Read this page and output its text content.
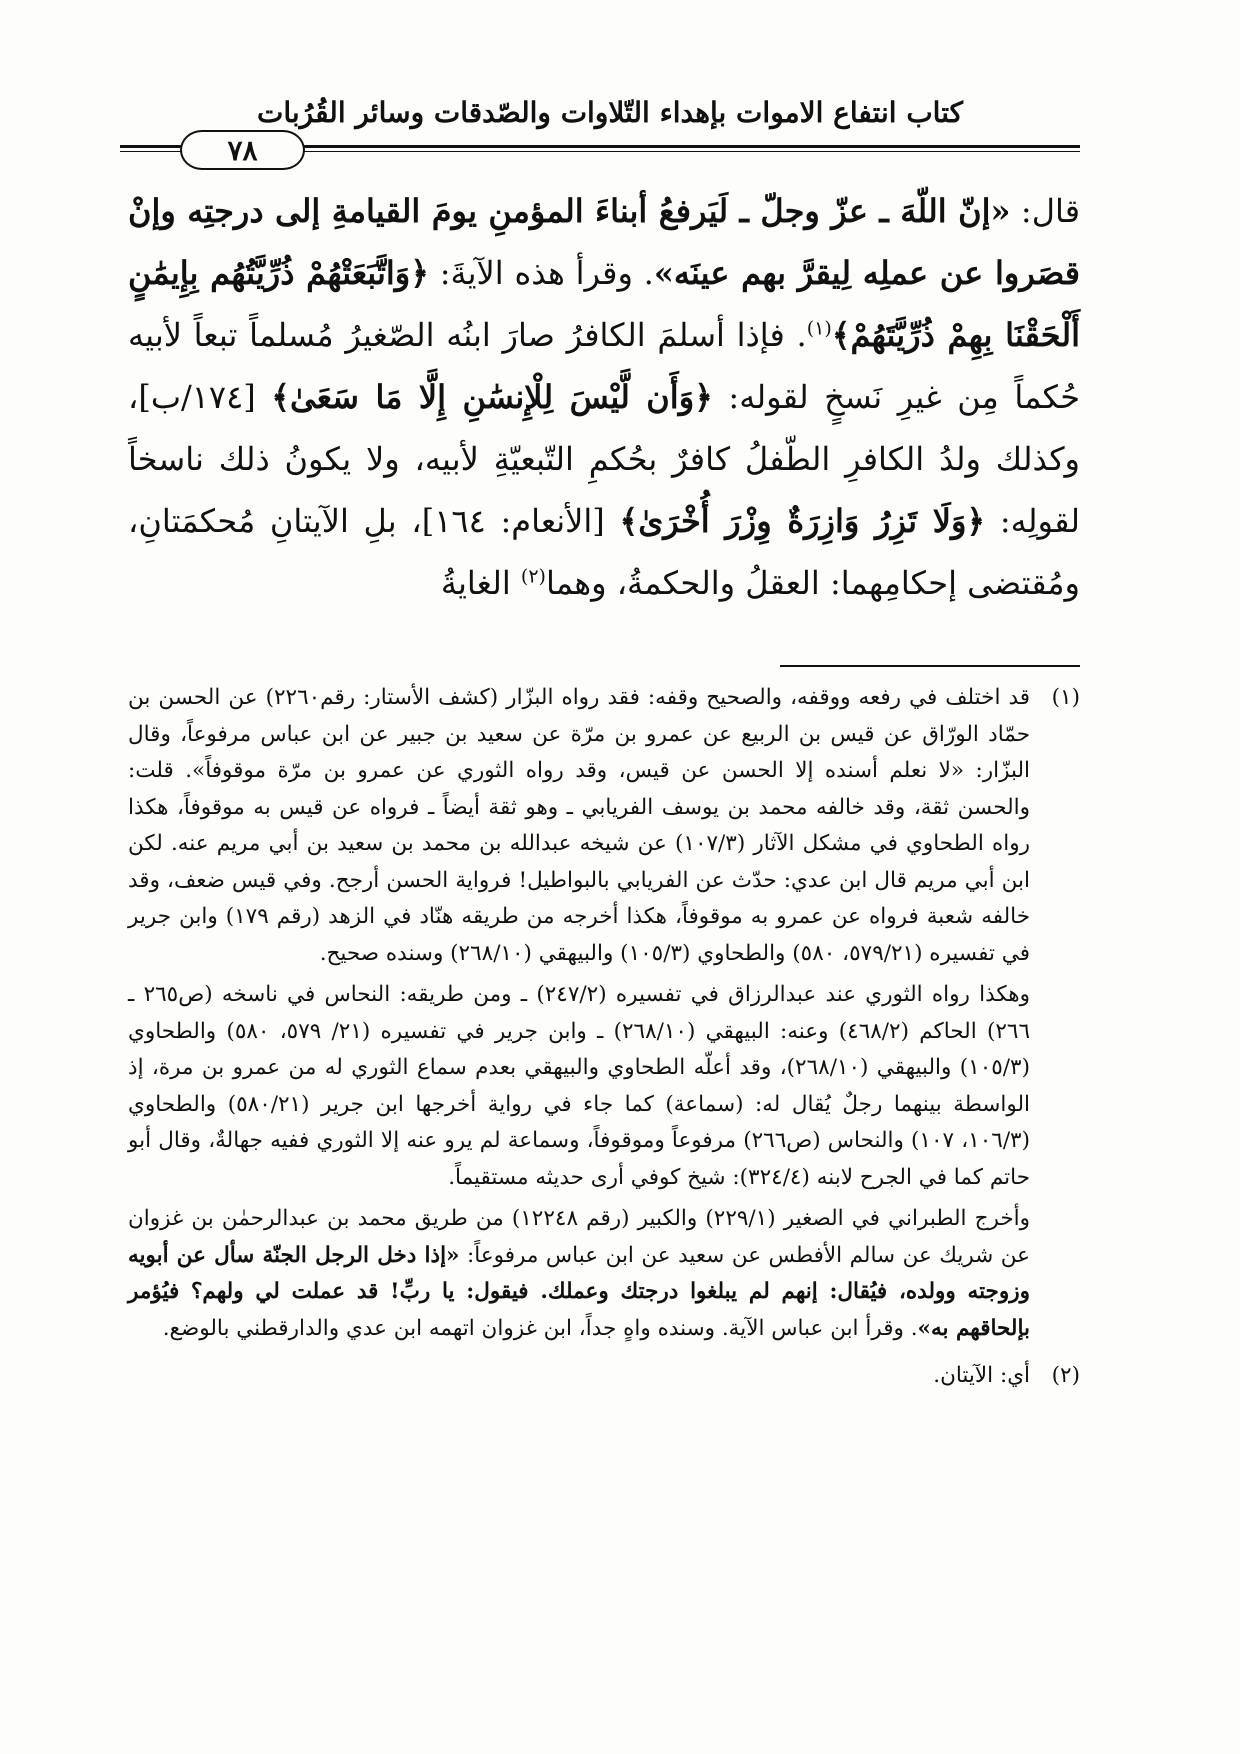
كتاب انتفاع الاموات بإهداء التّلاوات والصّدقات وسائر القُرُبات
٧٨

قال: «إنّ اللّهَ ـ عزّ وجلّ ـ لَيَرفعُ أبناءَ المؤمنِ يومَ القيامةِ إلى درجتِه وإنْ قصَروا عن عملِه لِيقرَّ بهم عينَه». وقرأ هذه الآيةَ: ﴿وَاتَّبَعَتْهُمْ ذُرِّيَّتُهُم بِإِيمَٰنٍ أَلْحَقْنَا بِهِمْ ذُرِّيَّتَهُمْ﴾$^{(١)}$. فإذا أسلمَ الكافرُ صارَ ابنُه الصّغيرُ مُسلماً تبعاً لأبيه حُكماً مِن غيرِ نَسخٍ لقوله: ﴿وَأَن لَّيْسَ لِلْإِنسَٰنِ إِلَّا مَا سَعَىٰ﴾ [١٧٤/ب]، وكذلك ولدُ الكافرِ الطّفلُ كافرٌ بحُكمِ التّبعيّةِ لأبيه، ولا يكونُ ذلك ناسخاً لقولِه: ﴿وَلَا تَزِرُ وَازِرَةٌ وِزْرَ أُخْرَىٰ﴾ [الأنعام: ١٦٤]، بلِ الآيتانِ مُحكمَتانِ، ومُقتضى إحكامِهما: العقلُ والحكمةُ، وهما$^{(٢)}$ الغايةُ

(١)

قد اختلف في رفعه ووقفه، والصحيح وقفه: فقد رواه البزّار (كشف الأستار: رقم٢٢٦٠) عن الحسن بن حمّاد الورّاق عن قيس بن الربيع عن عمرو بن مرّة عن سعيد بن جبير عن ابن عباس مرفوعاً، وقال البزّار: «لا نعلم أسنده إلا الحسن عن قيس، وقد رواه الثوري عن عمرو بن مرّة موقوفاً». قلت: والحسن ثقة، وقد خالفه محمد بن يوسف الفريابي ـ وهو ثقة أيضاً ـ فرواه عن قيس به موقوفاً، هكذا رواه الطحاوي في مشكل الآثار (١٠٧/٣) عن شيخه عبدالله بن محمد بن سعيد بن أبي مريم عنه. لكن ابن أبي مريم قال ابن عدي: حدّث عن الفريابي بالبواطيل! فرواية الحسن أرجح. وفي قيس ضعف، وقد خالفه شعبة فرواه عن عمرو به موقوفاً، هكذا أخرجه من طريقه هنّاد في الزهد (رقم ١٧٩) وابن جرير في تفسيره (٥٧٩/٢١، ٥٨٠) والطحاوي (١٠٥/٣) والبيهقي (٢٦٨/١٠) وسنده صحيح.

وهكذا رواه الثوري عند عبدالرزاق في تفسيره (٢٤٧/٢) ـ ومن طريقه: النحاس في ناسخه (ص٢٦٥ ـ ٢٦٦) الحاكم (٤٦٨/٢) وعنه: البيهقي (٢٦٨/١٠) ـ وابن جرير في تفسيره (٢١/ ٥٧٩، ٥٨٠) والطحاوي (١٠٥/٣) والبيهقي (٢٦٨/١٠)، وقد أعلّه الطحاوي والبيهقي بعدم سماع الثوري له من عمرو بن مرة، إذ الواسطة بينهما رجلٌ يُقال له: (سماعة) كما جاء في رواية أخرجها ابن جرير (٥٨٠/٢١) والطحاوي (١٠٦/٣، ١٠٧) والنحاس (ص٢٦٦) مرفوعاً وموقوفاً، وسماعة لم يرو عنه إلا الثوري ففيه جهالةٌ، وقال أبو حاتم كما في الجرح لابنه (٣٢٤/٤): شيخ كوفي أرى حديثه مستقيماً.

وأخرج الطبراني في الصغير (٢٢٩/١) والكبير (رقم ١٢٢٤٨) من طريق محمد بن عبدالرحمٰن بن غزوان عن شريك عن سالم الأفطس عن سعيد عن ابن عباس مرفوعاً: «إذا دخل الرجل الجنّة سأل عن أبويه وزوجته وولده، فيُقال: إنهم لم يبلغوا درجتك وعملك. فيقول: يا ربِّ! قد عملت لي ولهم؟ فيُؤمر بإلحاقهم به». وقرأ ابن عباس الآية. وسنده واهٍ جداً، ابن غزوان اتهمه ابن عدي والدارقطني بالوضع.

(٢)

أي: الآيتان.
